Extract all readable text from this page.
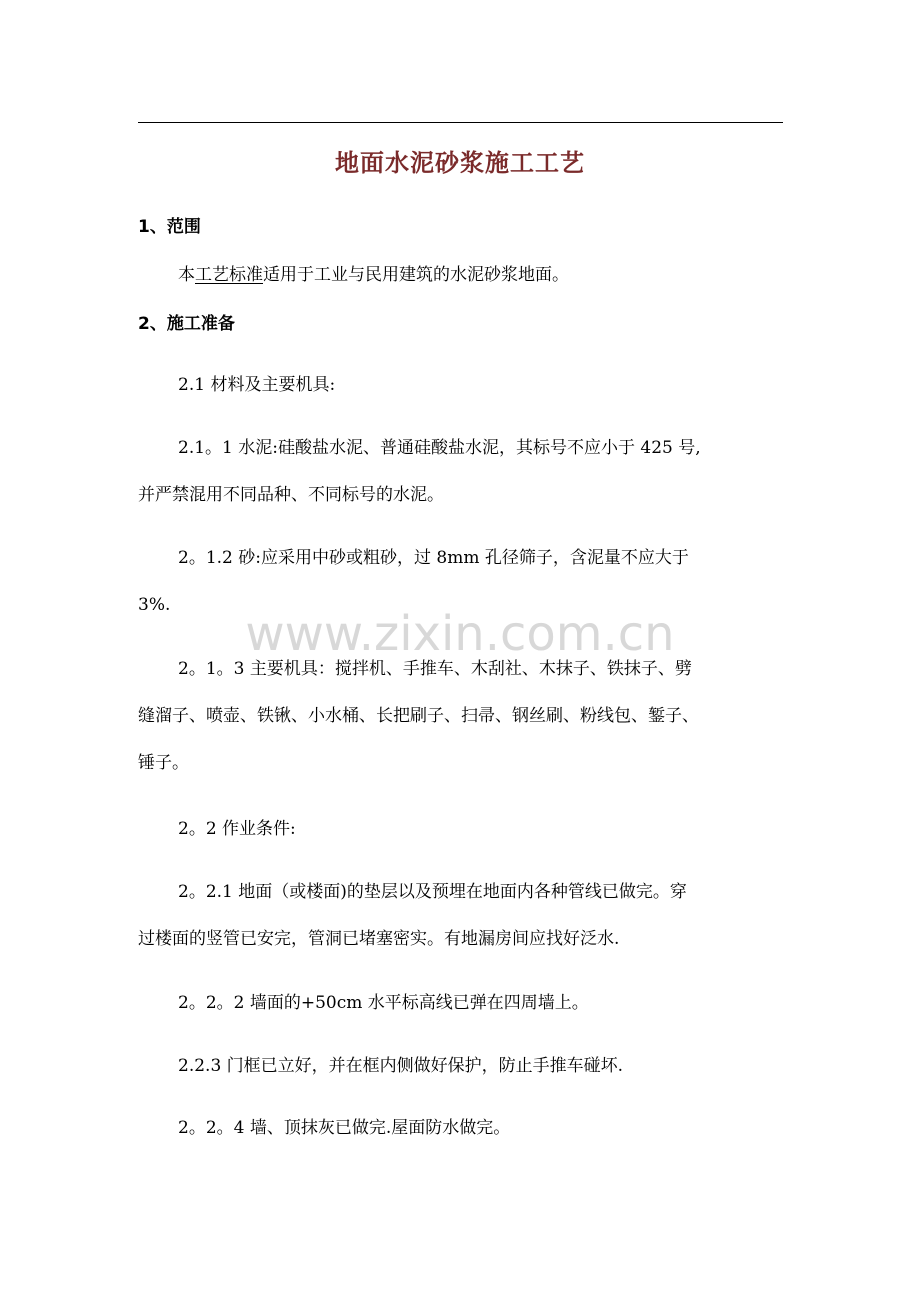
地面水泥砂浆施工工艺
1、范围
本工艺标准适用于工业与民用建筑的水泥砂浆地面。
2、施工准备
2.1 材料及主要机具:
2.1。1 水泥:硅酸盐水泥、普通硅酸盐水泥，其标号不应小于 425 号,
并严禁混用不同品种、不同标号的水泥。
2。1.2 砂:应采用中砂或粗砂，过 8mm 孔径筛子，含泥量不应大于
3%.
www.zixin.com.cn
2。1。3 主要机具：搅拌机、手推车、木刮社、木抹子、铁抹子、劈
缝溜子、喷壶、铁锹、小水桶、长把刷子、扫帚、钢丝刷、粉线包、錾子、
锤子。
2。2 作业条件:
2。2.1 地面（或楼面)的垫层以及预埋在地面内各种管线已做完。穿
过楼面的竖管已安完，管洞已堵塞密实。有地漏房间应找好泛水.
2。2。2 墙面的+50cm 水平标高线已弹在四周墙上。
2.2.3 门框已立好，并在框内侧做好保护，防止手推车碰坏.
2。2。4 墙、顶抹灰已做完.屋面防水做完。
